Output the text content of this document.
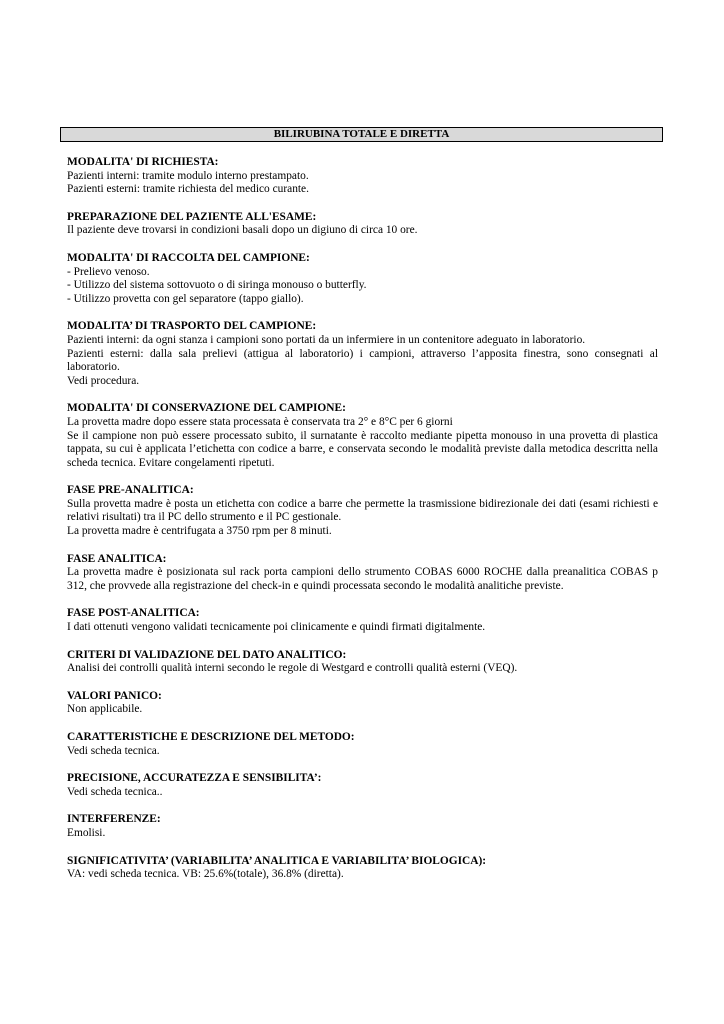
BILIRUBINA TOTALE E DIRETTA

MODALITA' DI RICHIESTA:

Pazienti interni: tramite modulo interno prestampato.

Pazienti esterni: tramite richiesta del medico curante.

PREPARAZIONE DEL PAZIENTE ALL'ESAME:

Il paziente deve trovarsi in condizioni basali dopo un digiuno di circa 10 ore.

MODALITA' DI RACCOLTA DEL CAMPIONE:

- Prelievo venoso.

- Utilizzo del sistema sottovuoto o di siringa monouso o butterfly.

- Utilizzo provetta con gel separatore (tappo giallo).

MODALITA’ DI TRASPORTO DEL CAMPIONE:

Pazienti interni: da ogni stanza i campioni sono portati da un infermiere in un contenitore adeguato in laboratorio.

Pazienti esterni: dalla sala prelievi (attigua al laboratorio) i campioni, attraverso l’apposita finestra, sono consegnati al laboratorio.

Vedi procedura.

MODALITA' DI CONSERVAZIONE DEL CAMPIONE:

La provetta madre dopo essere stata processata è conservata tra 2° e 8°C per 6 giorni

Se il campione non può essere processato subito, il surnatante è raccolto mediante pipetta monouso in una provetta di plastica tappata, su cui è applicata l’etichetta con codice a barre, e conservata secondo le modalità previste dalla metodica descritta nella scheda tecnica. Evitare congelamenti ripetuti.

FASE PRE-ANALITICA:

Sulla provetta madre è posta un etichetta con codice a barre che permette la trasmissione bidirezionale dei dati (esami richiesti e relativi risultati) tra il PC dello strumento e il PC gestionale.

La provetta madre è centrifugata a 3750 rpm per 8 minuti.

FASE ANALITICA:

La provetta madre è posizionata sul rack porta campioni dello strumento COBAS 6000 ROCHE dalla preanalitica COBAS p 312, che provvede alla registrazione del check-in e quindi processata secondo le modalità analitiche previste.

FASE POST-ANALITICA:

I dati ottenuti vengono validati tecnicamente poi clinicamente e quindi firmati digitalmente.

CRITERI DI VALIDAZIONE DEL DATO ANALITICO:

Analisi dei controlli qualità interni secondo le regole di Westgard e controlli qualità esterni (VEQ).

VALORI PANICO:

Non applicabile.

CARATTERISTICHE E DESCRIZIONE DEL METODO:

Vedi scheda tecnica.

PRECISIONE, ACCURATEZZA E SENSIBILITA’:

Vedi scheda tecnica..

INTERFERENZE:

Emolisi.

SIGNIFICATIVITA’ (VARIABILITA’ ANALITICA E VARIABILITA’ BIOLOGICA):

VA: vedi scheda tecnica. VB: 25.6%(totale), 36.8% (diretta).
